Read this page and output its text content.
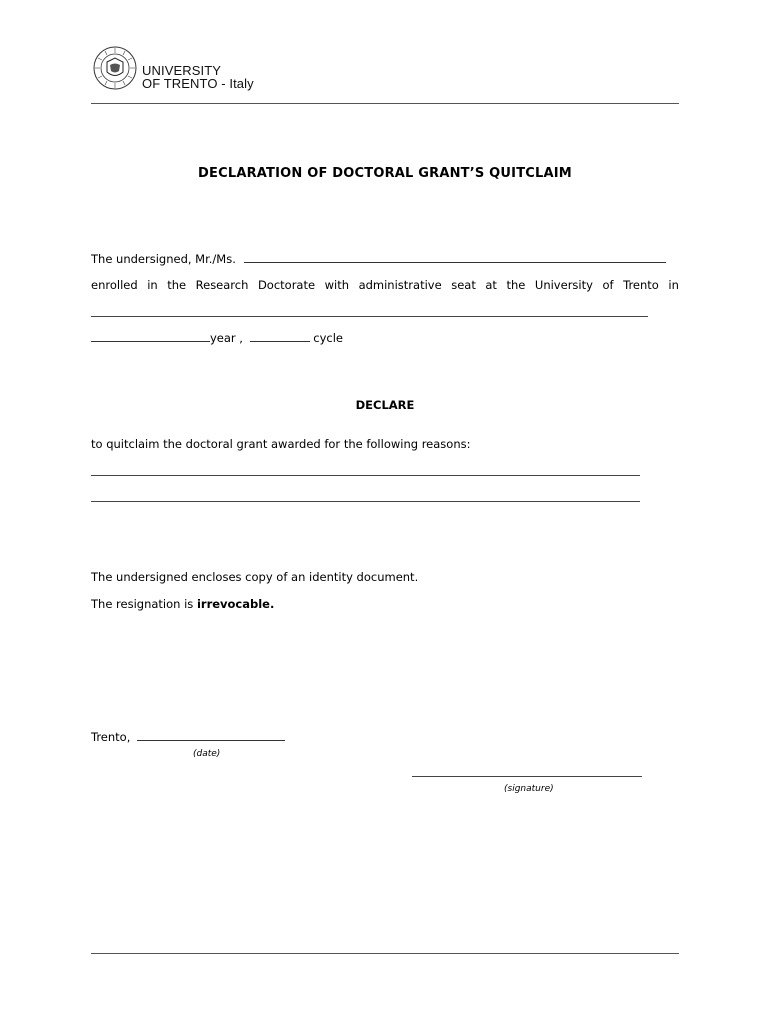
UNIVERSITY
OF TRENTO - Italy
DECLARATION OF DOCTORAL GRANT’S QUITCLAIM
The undersigned, Mr./Ms.
enrolled in the Research Doctorate with administrative seat at the University of Trento in
year ,	cycle
DECLARE
to quitclaim the doctoral grant awarded for the following reasons:
The undersigned encloses copy of an identity document.
The resignation is irrevocable.
Trento,
(date)
(signature)
